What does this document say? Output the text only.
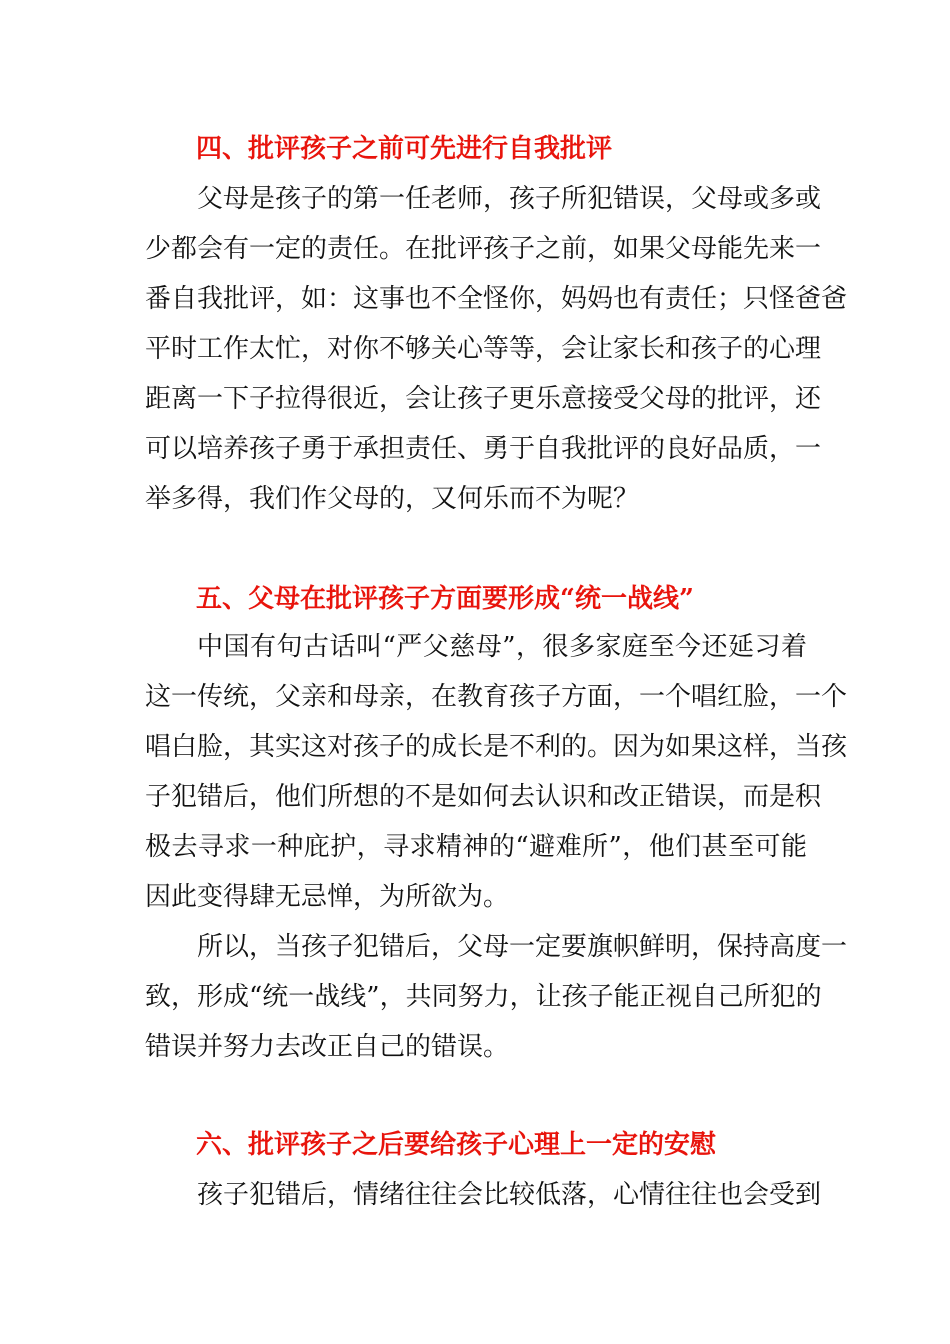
四、批评孩子之前可先进行自我批评

父母是孩子的第一任老师，孩子所犯错误，父母或多或
少都会有一定的责任。在批评孩子之前，如果父母能先来一
番自我批评，如：这事也不全怪你，妈妈也有责任；只怪爸爸
平时工作太忙，对你不够关心等等，会让家长和孩子的心理
距离一下子拉得很近，会让孩子更乐意接受父母的批评，还
可以培养孩子勇于承担责任、勇于自我批评的良好品质，一
举多得，我们作父母的，又何乐而不为呢？

五、父母在批评孩子方面要形成“统一战线”

中国有句古话叫“严父慈母”，很多家庭至今还延习着
这一传统，父亲和母亲，在教育孩子方面，一个唱红脸，一个
唱白脸，其实这对孩子的成长是不利的。因为如果这样，当孩
子犯错后，他们所想的不是如何去认识和改正错误，而是积
极去寻求一种庇护，寻求精神的“避难所”，他们甚至可能
因此变得肆无忌惮，为所欲为。

所以，当孩子犯错后，父母一定要旗帜鲜明，保持高度一
致，形成“统一战线”，共同努力，让孩子能正视自己所犯的
错误并努力去改正自己的错误。

六、批评孩子之后要给孩子心理上一定的安慰

孩子犯错后，情绪往往会比较低落，心情往往也会受到
